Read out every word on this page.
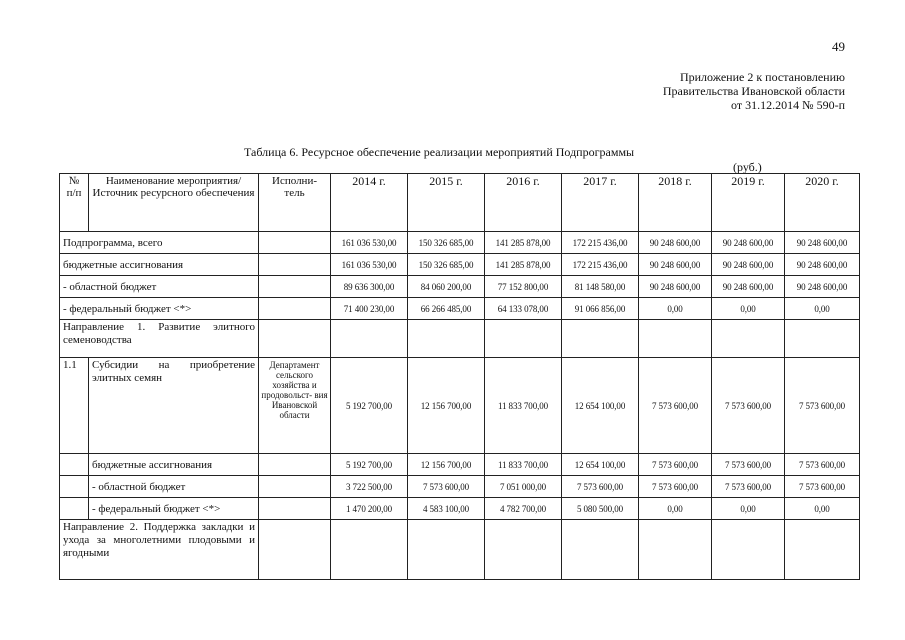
49
Приложение 2 к постановлению
Правительства Ивановской области
от 31.12.2014 № 590-п
Таблица 6. Ресурсное обеспечение реализации мероприятий Подпрограммы
(руб.)
№ п/п	Наименование мероприятия/Источник ресурсного обеспечения	Исполни- тель	2014 г.	2015 г.	2016 г.	2017 г.	2018 г.	2019 г.	2020 г.
Подпрограмма, всего			161 036 530,00	150 326 685,00	141 285 878,00	172 215 436,00	90 248 600,00	90 248 600,00	90 248 600,00
бюджетные ассигнования			161 036 530,00	150 326 685,00	141 285 878,00	172 215 436,00	90 248 600,00	90 248 600,00	90 248 600,00
- областной бюджет			89 636 300,00	84 060 200,00	77 152 800,00	81 148 580,00	90 248 600,00	90 248 600,00	90 248 600,00
- федеральный бюджет <*>			71 400 230,00	66 266 485,00	64 133 078,00	91 066 856,00	0,00	0,00	0,00
Направление 1. Развитие элитного семеноводства									
1.1	Субсидии на приобретение элитных семян	Департамент сельского хозяйства и продовольст- вия Ивановской области	5 192 700,00	12 156 700,00	11 833 700,00	12 654 100,00	7 573 600,00	7 573 600,00	7 573 600,00
	бюджетные ассигнования		5 192 700,00	12 156 700,00	11 833 700,00	12 654 100,00	7 573 600,00	7 573 600,00	7 573 600,00
	- областной бюджет		3 722 500,00	7 573 600,00	7 051 000,00	7 573 600,00	7 573 600,00	7 573 600,00	7 573 600,00
	- федеральный бюджет <*>		1 470 200,00	4 583 100,00	4 782 700,00	5 080 500,00	0,00	0,00	0,00
Направление 2. Поддержка закладки и ухода за многолетними плодовыми и ягодными									
